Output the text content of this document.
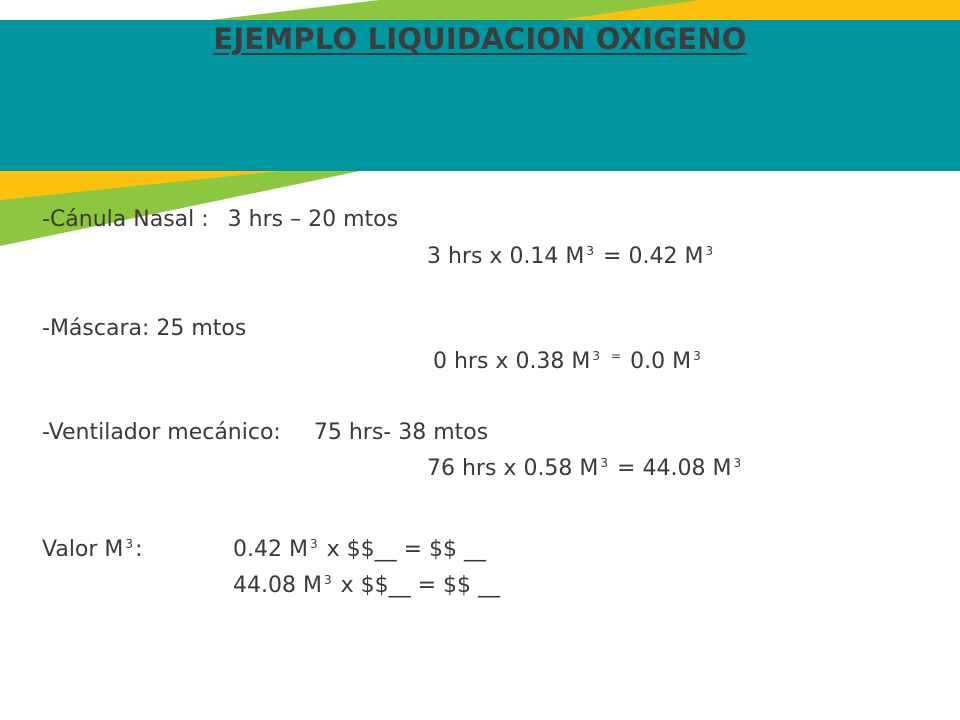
EJEMPLO LIQUIDACION OXIGENO
-Cánula Nasal : 3 hrs – 20 mtos
3 hrs x 0.14 M $^3$ = 0.42 M $^3$
-Máscara: 25 mtos
0 hrs x 0.38 M $^3$ = 0.0 M $^3$
-Ventilador mecánico: 75 hrs- 38 mtos
76 hrs x 0.58 M $^3$ = 44.08 M $^3$
Valor M $^3$:	0.42 M $^3$ x $$__ = $$ __
44.08 M $^3$ x $$__ = $$ __
